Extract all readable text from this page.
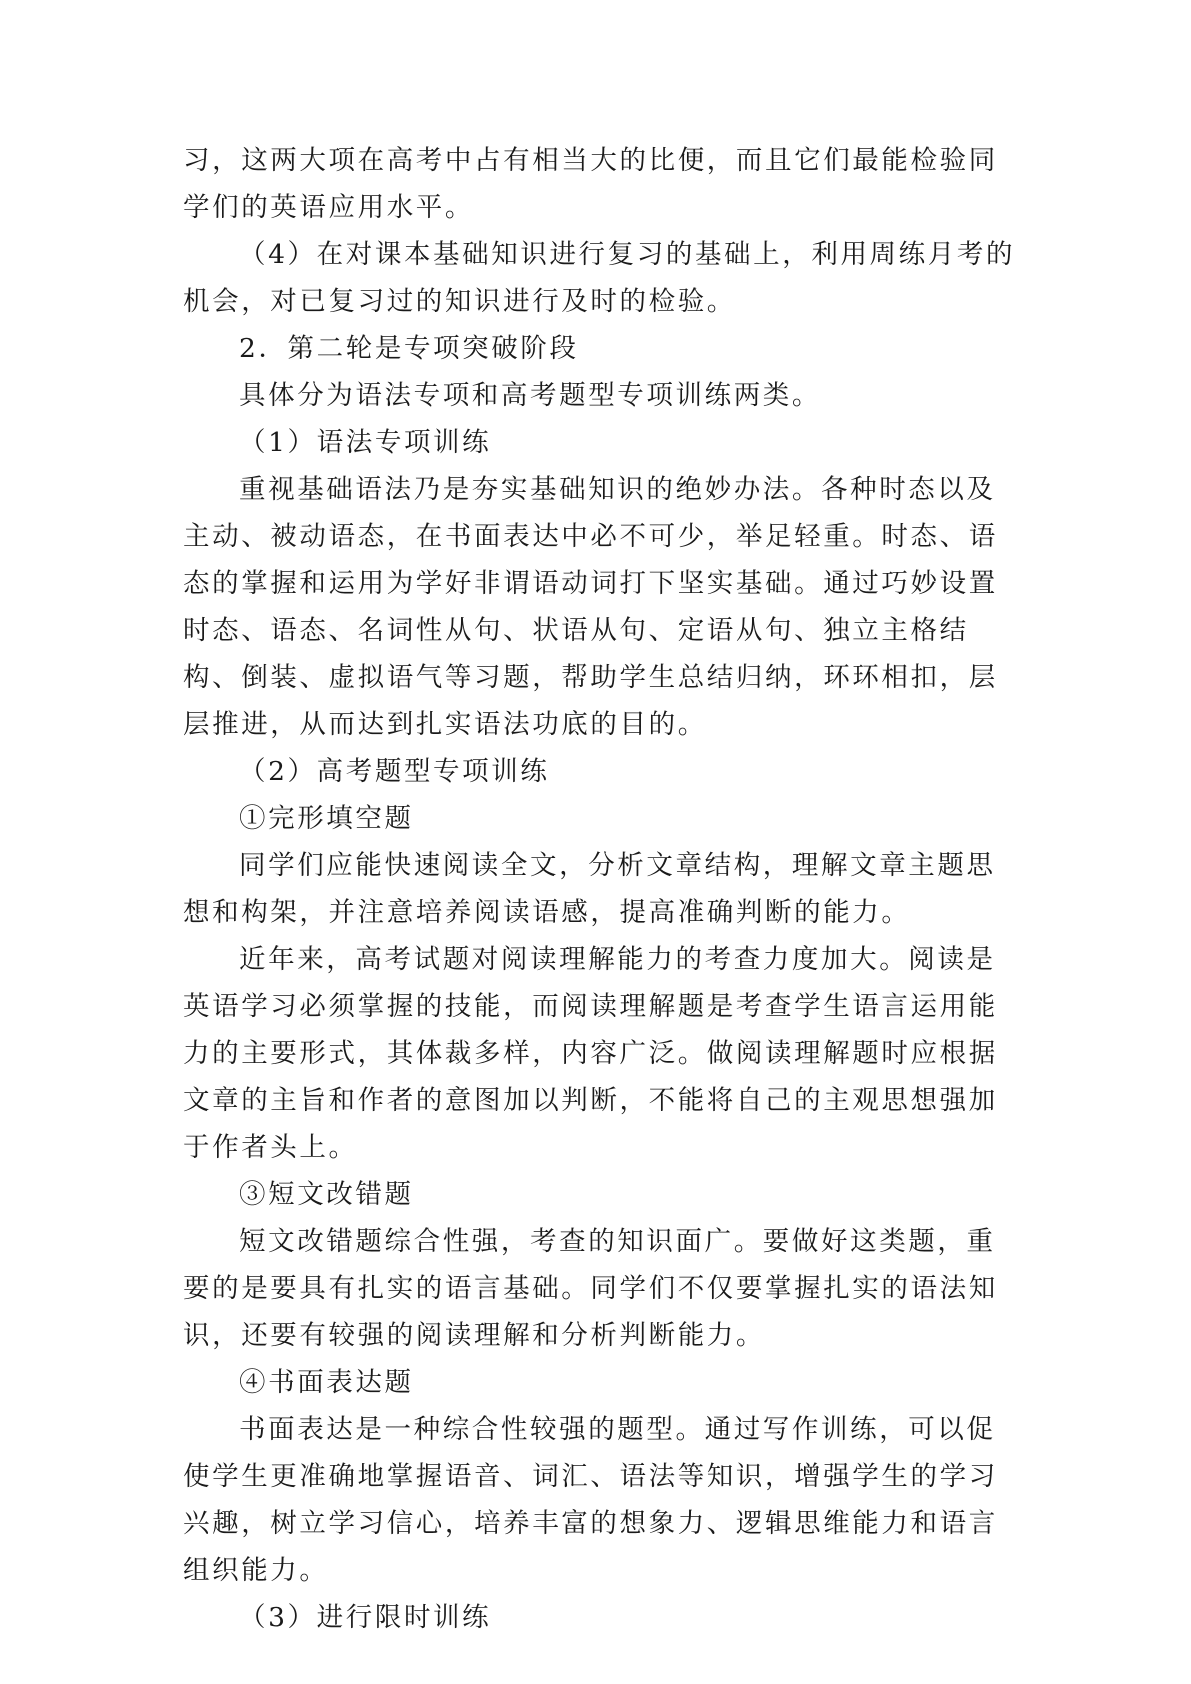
习，这两大项在高考中占有相当大的比便，而且它们最能检验同学们的英语应用水平。

（4）在对课本基础知识进行复习的基础上，利用周练月考的机会，对已复习过的知识进行及时的检验。

2．第二轮是专项突破阶段

具体分为语法专项和高考题型专项训练两类。

（1）语法专项训练

重视基础语法乃是夯实基础知识的绝妙办法。各种时态以及主动、被动语态，在书面表达中必不可少，举足轻重。时态、语态的掌握和运用为学好非谓语动词打下坚实基础。通过巧妙设置时态、语态、名词性从句、状语从句、定语从句、独立主格结构、倒装、虚拟语气等习题，帮助学生总结归纳，环环相扣，层层推进，从而达到扎实语法功底的目的。

（2）高考题型专项训练

①完形填空题

同学们应能快速阅读全文，分析文章结构，理解文章主题思想和构架，并注意培养阅读语感，提高准确判断的能力。

近年来，高考试题对阅读理解能力的考查力度加大。阅读是英语学习必须掌握的技能，而阅读理解题是考查学生语言运用能力的主要形式，其体裁多样，内容广泛。做阅读理解题时应根据文章的主旨和作者的意图加以判断，不能将自己的主观思想强加于作者头上。

③短文改错题

短文改错题综合性强，考查的知识面广。要做好这类题，重要的是要具有扎实的语言基础。同学们不仅要掌握扎实的语法知识，还要有较强的阅读理解和分析判断能力。

④书面表达题

书面表达是一种综合性较强的题型。通过写作训练，可以促使学生更准确地掌握语音、词汇、语法等知识，增强学生的学习兴趣，树立学习信心，培养丰富的想象力、逻辑思维能力和语言组织能力。

（3）进行限时训练
